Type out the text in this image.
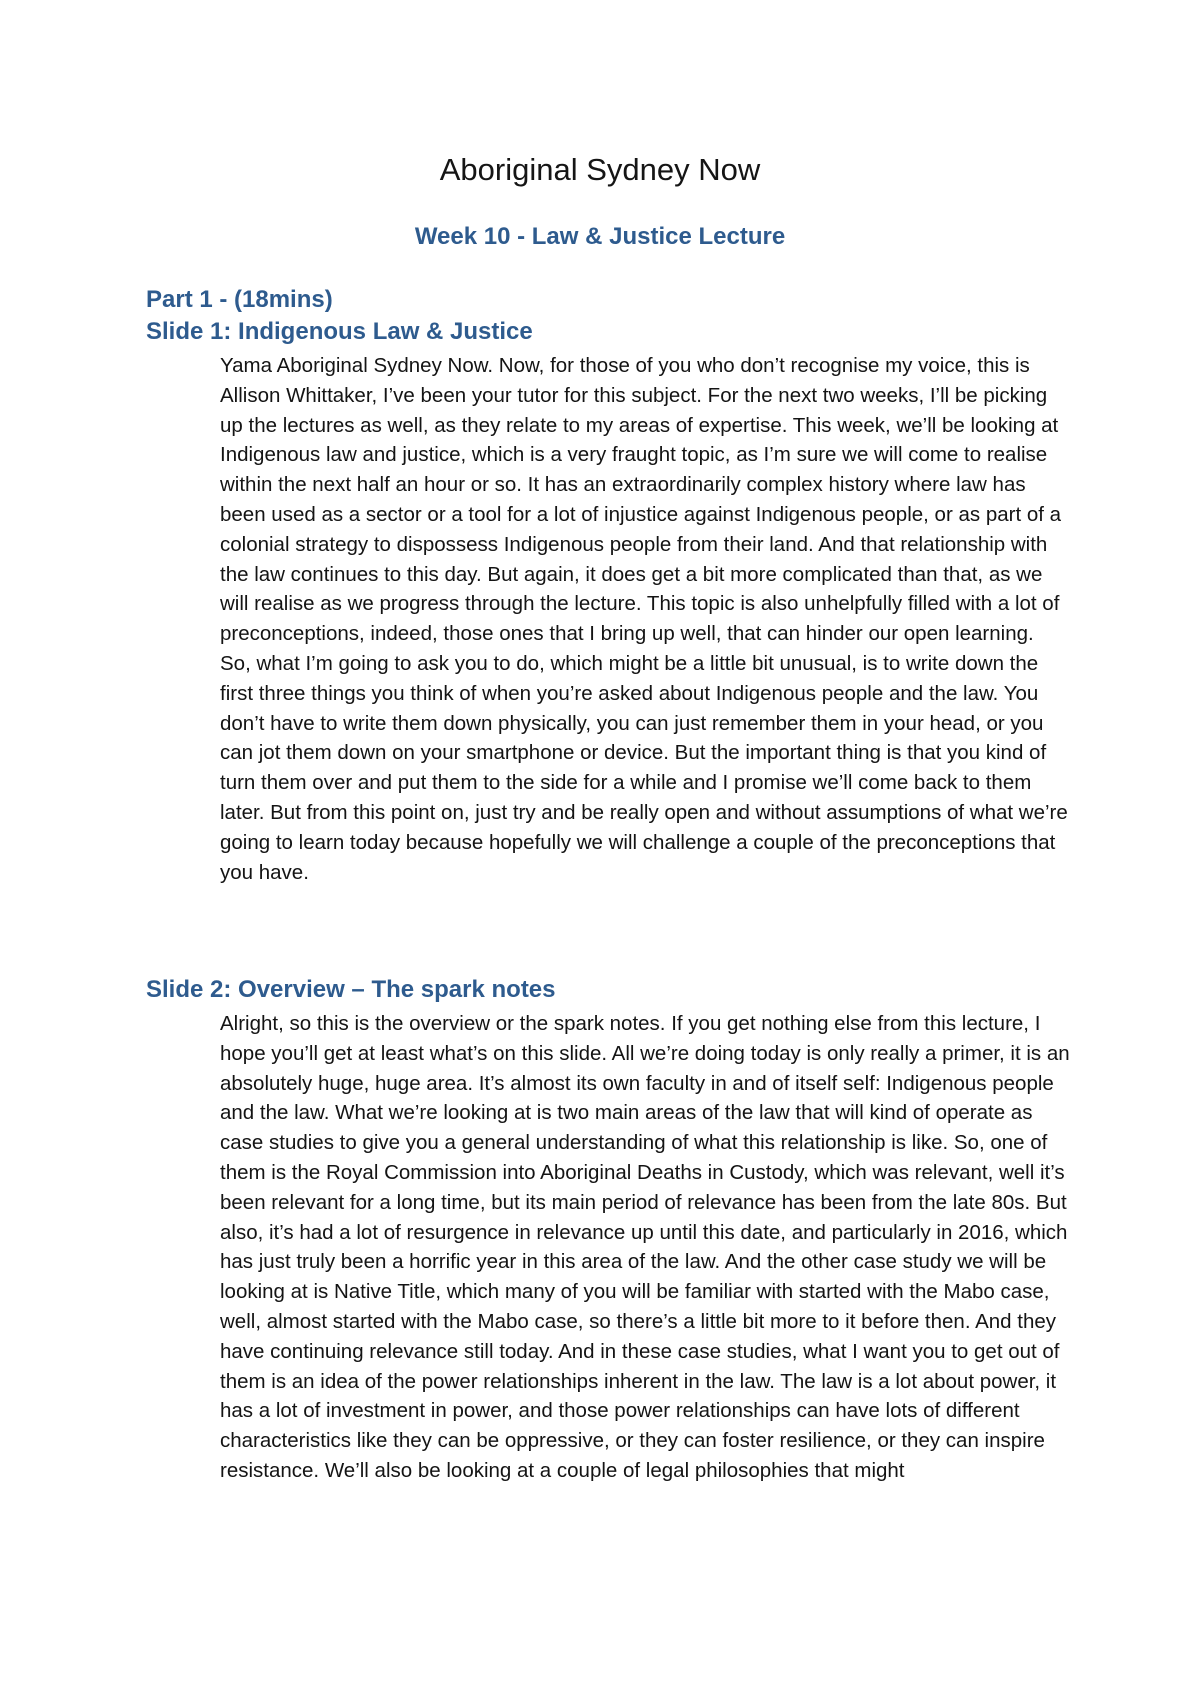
Aboriginal Sydney Now
Week 10 - Law & Justice Lecture
Part 1 - (18mins)
Slide 1: Indigenous Law & Justice

Yama Aboriginal Sydney Now. Now, for those of you who don’t recognise my voice, this is Allison Whittaker, I’ve been your tutor for this subject. For the next two weeks, I’ll be picking up the lectures as well, as they relate to my areas of expertise. This week, we’ll be looking at Indigenous law and justice, which is a very fraught topic, as I’m sure we will come to realise within the next half an hour or so. It has an extraordinarily complex history where law has been used as a sector or a tool for a lot of injustice against Indigenous people, or as part of a colonial strategy to dispossess Indigenous people from their land. And that relationship with the law continues to this day. But again, it does get a bit more complicated than that, as we will realise as we progress through the lecture. This topic is also unhelpfully filled with a lot of preconceptions, indeed, those ones that I bring up well, that can hinder our open learning. So, what I’m going to ask you to do, which might be a little bit unusual, is to write down the first three things you think of when you’re asked about Indigenous people and the law. You don’t have to write them down physically, you can just remember them in your head, or you can jot them down on your smartphone or device. But the important thing is that you kind of turn them over and put them to the side for a while and I promise we’ll come back to them later. But from this point on, just try and be really open and without assumptions of what we’re going to learn today because hopefully we will challenge a couple of the preconceptions that you have.

Slide 2: Overview – The spark notes

Alright, so this is the overview or the spark notes. If you get nothing else from this lecture, I hope you’ll get at least what’s on this slide. All we’re doing today is only really a primer, it is an absolutely huge, huge area. It’s almost its own faculty in and of itself self: Indigenous people and the law. What we’re looking at is two main areas of the law that will kind of operate as case studies to give you a general understanding of what this relationship is like. So, one of them is the Royal Commission into Aboriginal Deaths in Custody, which was relevant, well it’s been relevant for a long time, but its main period of relevance has been from the late 80s. But also, it’s had a lot of resurgence in relevance up until this date, and particularly in 2016, which has just truly been a horrific year in this area of the law. And the other case study we will be looking at is Native Title, which many of you will be familiar with started with the Mabo case, well, almost started with the Mabo case, so there’s a little bit more to it before then. And they have continuing relevance still today. And in these case studies, what I want you to get out of them is an idea of the power relationships inherent in the law. The law is a lot about power, it has a lot of investment in power, and those power relationships can have lots of different characteristics like they can be oppressive, or they can foster resilience, or they can inspire resistance. We’ll also be looking at a couple of legal philosophies that might
